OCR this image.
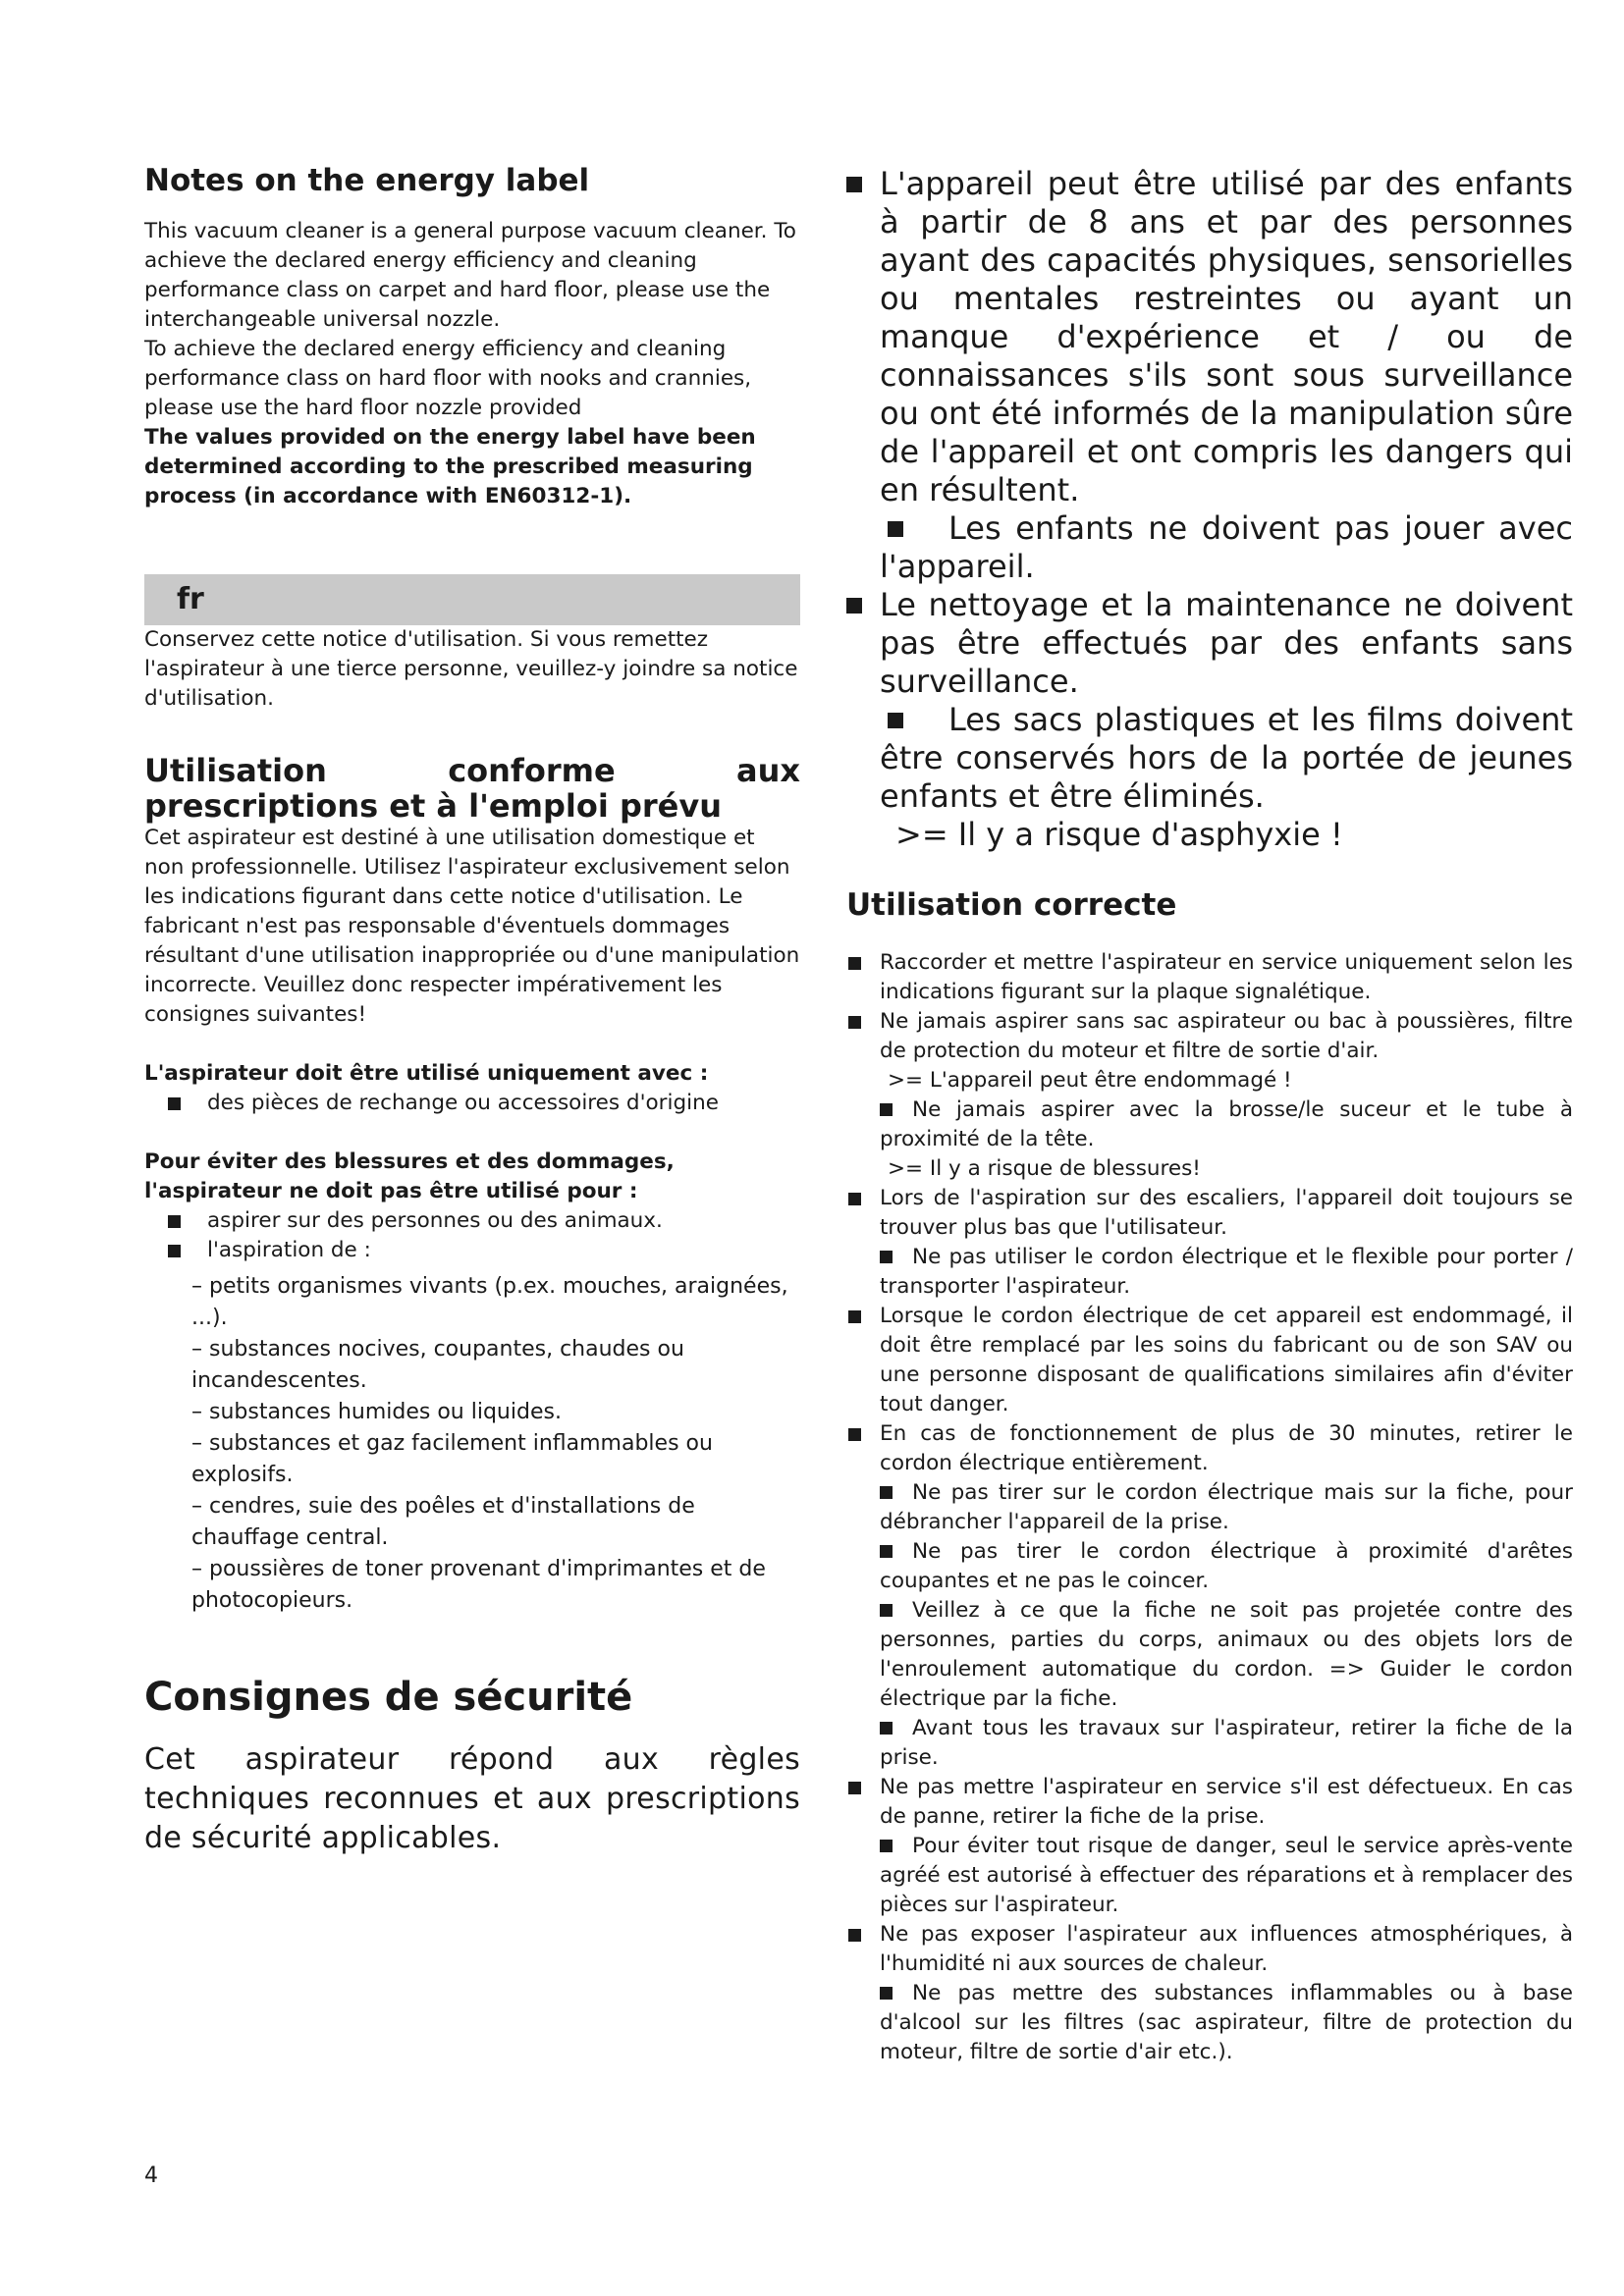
Notes on the energy label

This vacuum cleaner is a general purpose vacuum cleaner. To achieve the declared energy efficiency and cleaning performance class on carpet and hard floor, please use the interchangeable universal nozzle.

To achieve the declared energy efficiency and cleaning performance class on hard floor with nooks and crannies, please use the hard floor nozzle provided

The values provided on the energy label have been determined according to the prescribed measuring process (in accordance with EN60312-1).

fr

Conservez cette notice d'utilisation. Si vous remettez l'aspirateur à une tierce personne, veuillez-y joindre sa notice d'utilisation.

Utilisation conforme aux prescriptions et à l'emploi prévu

Cet aspirateur est destiné à une utilisation domestique et non professionnelle. Utilisez l'aspirateur exclusivement selon les indications figurant dans cette notice d'utilisation. Le fabricant n'est pas responsable d'éventuels dommages résultant d'une utilisation inappropriée ou d'une manipulation incorrecte. Veuillez donc respecter impérativement les consignes suivantes!

L'aspirateur doit être utilisé uniquement avec :

des pièces de rechange ou accessoires d'origine

Pour éviter des blessures et des dommages,

l'aspirateur ne doit pas être utilisé pour :

aspirer sur des personnes ou des animaux.
l'aspiration de :
– petits organismes vivants (p.ex. mouches, araignées, ...).
– substances nocives, coupantes, chaudes ou incandescentes.
– substances humides ou liquides.
– substances et gaz facilement inflammables ou explosifs.
– cendres, suie des poêles et d'installations de chauffage central.
– poussières de toner provenant d'imprimantes et de photocopieurs.
Consignes de sécurité

Cet aspirateur répond aux règles techniques reconnues et aux prescriptions de sécurité applicables.

L'appareil peut être utilisé par des enfants à partir de 8 ans et par des personnes ayant des capacités physiques, sensorielles ou mentales restreintes ou ayant un manque d'expérience et / ou de connaissances s'ils sont sous surveillance ou ont été informés de la manipulation sûre de l'appareil et ont compris les dangers qui en résultent.
Les enfants ne doivent pas jouer avec l'appareil.
Le nettoyage et la maintenance ne doivent pas être effectués par des enfants sans surveillance.
Les sacs plastiques et les films doivent être conservés hors de la portée de jeunes enfants et être éliminés.
>= Il y a risque d'asphyxie !
Utilisation correcte
Raccorder et mettre l'aspirateur en service uniquement selon les indications figurant sur la plaque signalétique.
Ne jamais aspirer sans sac aspirateur ou bac à poussières, filtre de protection du moteur et filtre de sortie d'air.
>= L'appareil peut être endommagé !
Ne jamais aspirer avec la brosse/le suceur et le tube à proximité de la tête.
>= Il y a risque de blessures!
Lors de l'aspiration sur des escaliers, l'appareil doit toujours se trouver plus bas que l'utilisateur.
Ne pas utiliser le cordon électrique et le flexible pour porter / transporter l'aspirateur.
Lorsque le cordon électrique de cet appareil est endommagé, il doit être remplacé par les soins du fabricant ou de son SAV ou une personne disposant de qualifications similaires afin d'éviter tout danger.
En cas de fonctionnement de plus de 30 minutes, retirer le cordon électrique entièrement.
Ne pas tirer sur le cordon électrique mais sur la fiche, pour débrancher l'appareil de la prise.
Ne pas tirer le cordon électrique à proximité d'arêtes coupantes et ne pas le coincer.
Veillez à ce que la fiche ne soit pas projetée contre des personnes, parties du corps, animaux ou des objets lors de l'enroulement automatique du cordon. => Guider le cordon électrique par la fiche.
Avant tous les travaux sur l'aspirateur, retirer la fiche de la prise.
Ne pas mettre l'aspirateur en service s'il est défectueux. En cas de panne, retirer la fiche de la prise.
Pour éviter tout risque de danger, seul le service après-vente agréé est autorisé à effectuer des réparations et à remplacer des pièces sur l'aspirateur.
Ne pas exposer l'aspirateur aux influences atmosphériques, à l'humidité ni aux sources de chaleur.
Ne pas mettre des substances inflammables ou à base d'alcool sur les filtres (sac aspirateur, filtre de protection du moteur, filtre de sortie d'air etc.).
4
